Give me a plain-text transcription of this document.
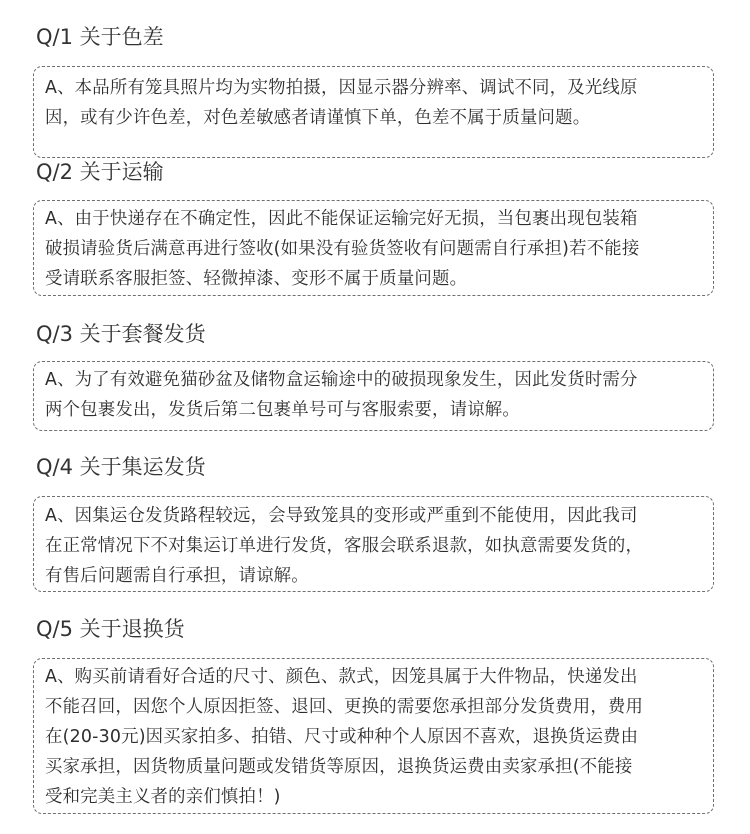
Q/1 关于色差
A、本品所有笼具照片均为实物拍摄，因显示器分辨率、调试不同，及光线原
因，或有少许色差，对色差敏感者请谨慎下单，色差不属于质量问题。
Q/2 关于运输
A、由于快递存在不确定性，因此不能保证运输完好无损，当包裹出现包装箱
破损请验货后满意再进行签收(如果没有验货签收有问题需自行承担)若不能接
受请联系客服拒签、轻微掉漆、变形不属于质量问题。
Q/3 关于套餐发货
A、为了有效避免猫砂盆及储物盒运输途中的破损现象发生，因此发货时需分
两个包裹发出，发货后第二包裹单号可与客服索要，请谅解。
Q/4 关于集运发货
A、因集运仓发货路程较远，会导致笼具的变形或严重到不能使用，因此我司
在正常情况下不对集运订单进行发货，客服会联系退款，如执意需要发货的，
有售后问题需自行承担，请谅解。
Q/5 关于退换货
A、购买前请看好合适的尺寸、颜色、款式，因笼具属于大件物品，快递发出
不能召回，因您个人原因拒签、退回、更换的需要您承担部分发货费用，费用
在(20-30元)因买家拍多、拍错、尺寸或种种个人原因不喜欢，退换货运费由
买家承担，因货物质量问题或发错货等原因，退换货运费由卖家承担(不能接
受和完美主义者的亲们慎拍！)
